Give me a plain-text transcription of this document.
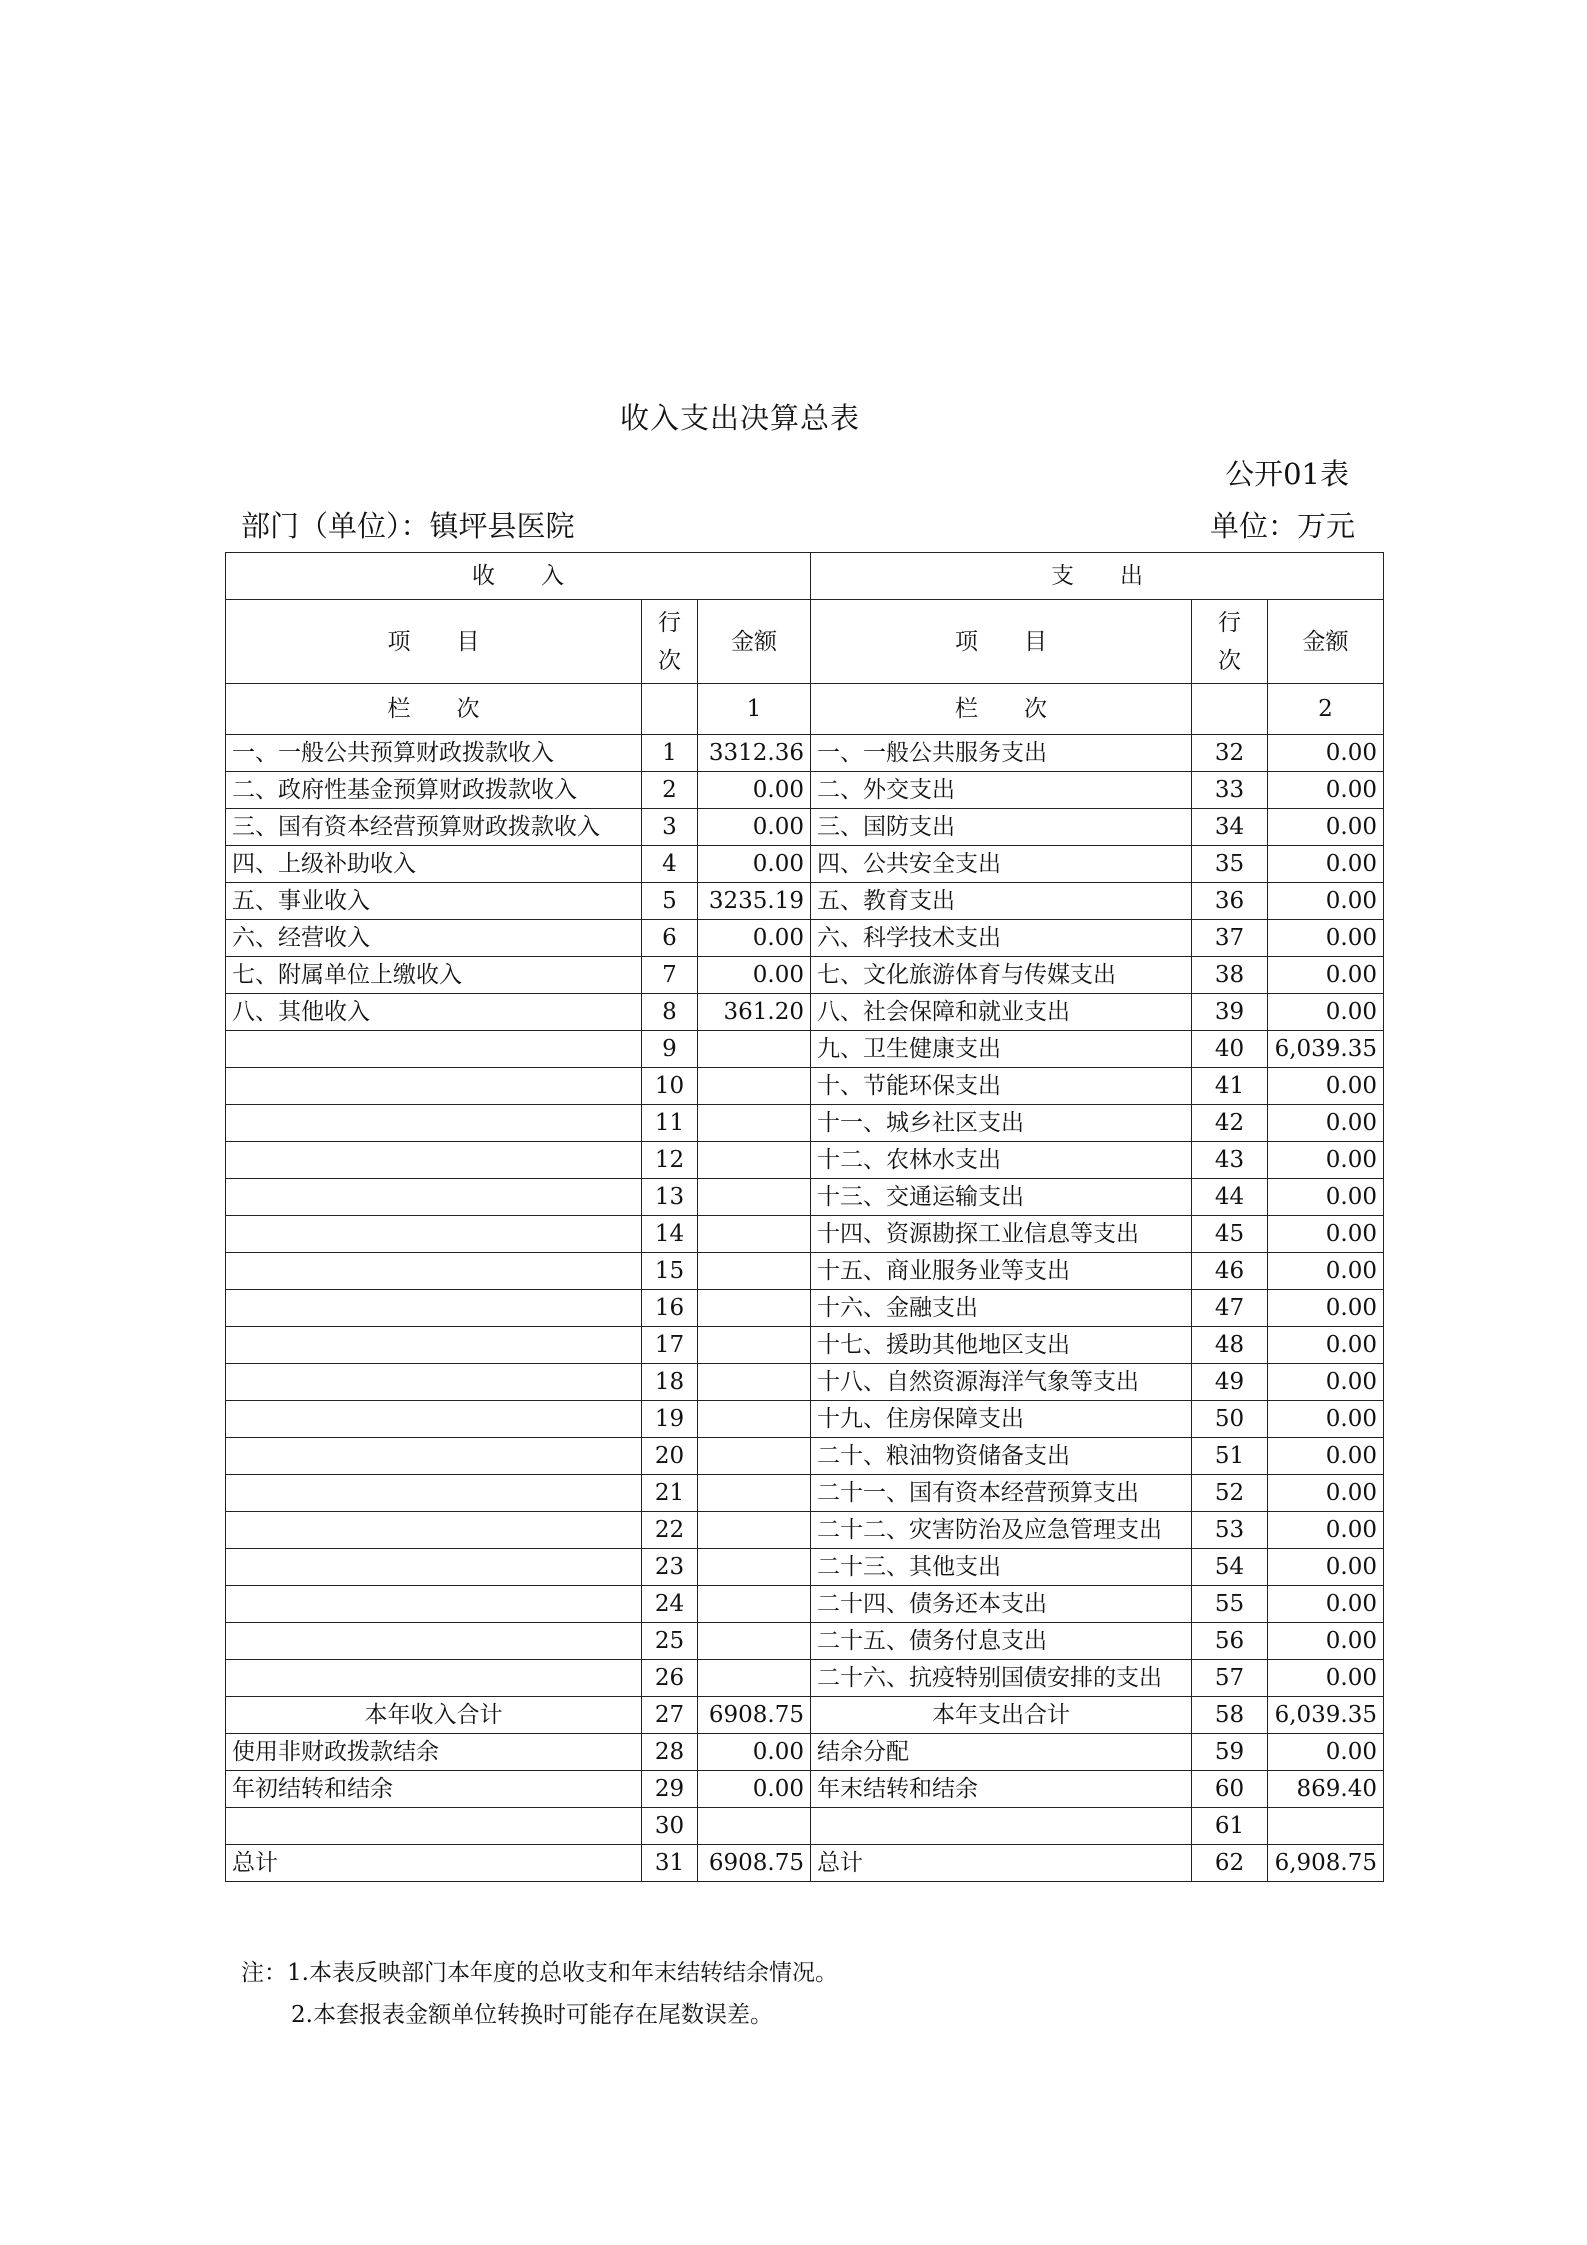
收入支出决算总表
公开01表
部门（单位）：镇坪县医院	单位：万元
收　　入			支　　出		
项　　目	行次	金额	项　　目	行次	金额
栏　　次		1	栏　　次		2
一、一般公共预算财政拨款收入	1	3312.36	一、一般公共服务支出	32	0.00
二、政府性基金预算财政拨款收入	2	0.00	二、外交支出	33	0.00
三、国有资本经营预算财政拨款收入	3	0.00	三、国防支出	34	0.00
四、上级补助收入	4	0.00	四、公共安全支出	35	0.00
五、事业收入	5	3235.19	五、教育支出	36	0.00
六、经营收入	6	0.00	六、科学技术支出	37	0.00
七、附属单位上缴收入	7	0.00	七、文化旅游体育与传媒支出	38	0.00
八、其他收入	8	361.20	八、社会保障和就业支出	39	0.00
	9		九、卫生健康支出	40	6,039.35
	10		十、节能环保支出	41	0.00
	11		十一、城乡社区支出	42	0.00
	12		十二、农林水支出	43	0.00
	13		十三、交通运输支出	44	0.00
	14		十四、资源勘探工业信息等支出	45	0.00
	15		十五、商业服务业等支出	46	0.00
	16		十六、金融支出	47	0.00
	17		十七、援助其他地区支出	48	0.00
	18		十八、自然资源海洋气象等支出	49	0.00
	19		十九、住房保障支出	50	0.00
	20		二十、粮油物资储备支出	51	0.00
	21		二十一、国有资本经营预算支出	52	0.00
	22		二十二、灾害防治及应急管理支出	53	0.00
	23		二十三、其他支出	54	0.00
	24		二十四、债务还本支出	55	0.00
	25		二十五、债务付息支出	56	0.00
	26		二十六、抗疫特别国债安排的支出	57	0.00
本年收入合计	27	6908.75	本年支出合计	58	6,039.35
使用非财政拨款结余	28	0.00	结余分配	59	0.00
年初结转和结余	29	0.00	年末结转和结余	60	869.40
	30			61	
总计	31	6908.75	总计	62	6,908.75
注：1.本表反映部门本年度的总收支和年末结转结余情况。
2.本套报表金额单位转换时可能存在尾数误差。
